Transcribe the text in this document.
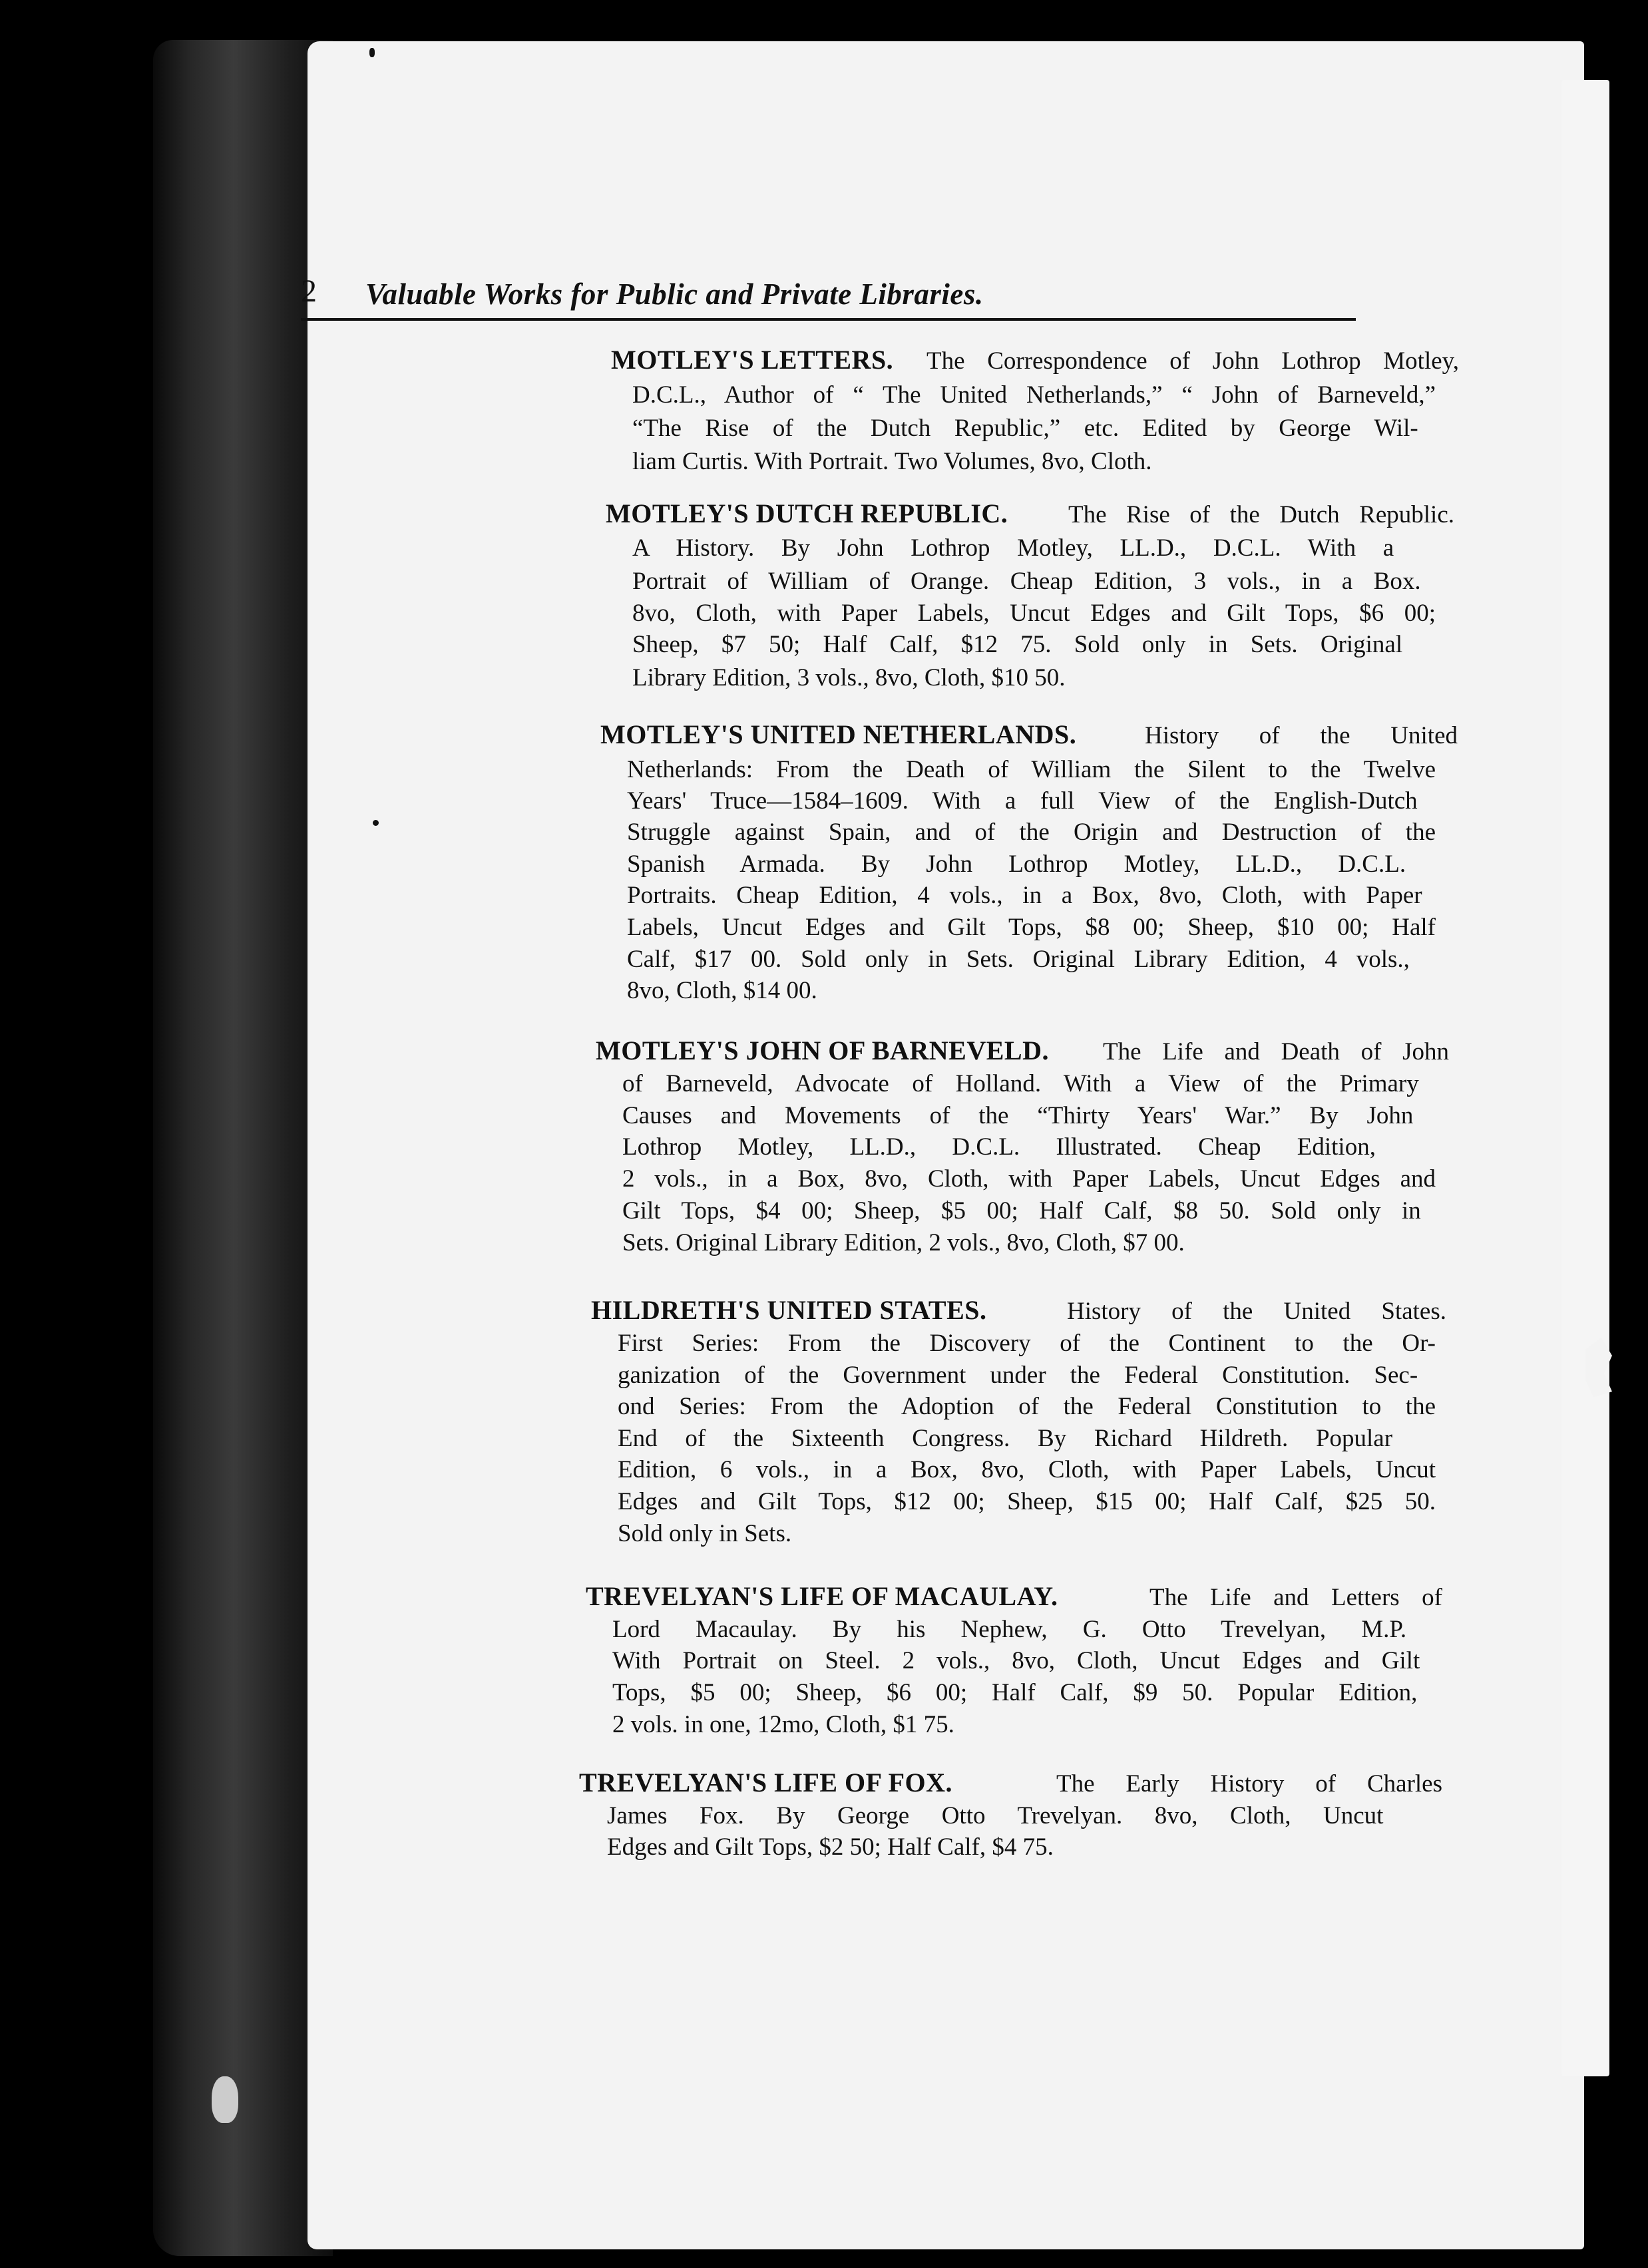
2 Valuable Works for Public and Private Libraries.
MOTLEY'S LETTERS. The Correspondence of John Lothrop Motley,
D.C.L., Author of “ The United Netherlands,” “ John of Barneveld,”
“The Rise of the Dutch Republic,” etc. Edited by George Wil-
liam Curtis. With Portrait. Two Volumes, 8vo, Cloth.
MOTLEY'S DUTCH REPUBLIC. The Rise of the Dutch Republic.
A History. By John Lothrop Motley, LL.D., D.C.L. With a
Portrait of William of Orange. Cheap Edition, 3 vols., in a Box.
8vo, Cloth, with Paper Labels, Uncut Edges and Gilt Tops, $6 00;
Sheep, $7 50; Half Calf, $12 75. Sold only in Sets. Original
Library Edition, 3 vols., 8vo, Cloth, $10 50.
MOTLEY'S UNITED NETHERLANDS.	History of the United
Netherlands: From the Death of William the Silent to the Twelve
Years' Truce—1584–1609. With a full View of the English-Dutch
Struggle against Spain, and of the Origin and Destruction of the
Spanish Armada. By John Lothrop Motley, LL.D., D.C.L.
Portraits. Cheap Edition, 4 vols., in a Box, 8vo, Cloth, with Paper
Labels, Uncut Edges and Gilt Tops, $8 00; Sheep, $10 00; Half
Calf, $17 00. Sold only in Sets. Original Library Edition, 4 vols.,
8vo, Cloth, $14 00.
MOTLEY'S JOHN OF BARNEVELD. The Life and Death of John
of Barneveld, Advocate of Holland. With a View of the Primary
Causes and Movements of the “Thirty Years' War.” By John
Lothrop Motley, LL.D., D.C.L. Illustrated. Cheap Edition,
2 vols., in a Box, 8vo, Cloth, with Paper Labels, Uncut Edges and
Gilt Tops, $4 00; Sheep, $5 00; Half Calf, $8 50. Sold only in
Sets. Original Library Edition, 2 vols., 8vo, Cloth, $7 00.
HILDRETH'S UNITED STATES.	History of the United States.
First Series: From the Discovery of the Continent to the Or-
ganization of the Government under the Federal Constitution. Sec-
ond Series: From the Adoption of the Federal Constitution to the
End of the Sixteenth Congress. By Richard Hildreth. Popular
Edition, 6 vols., in a Box, 8vo, Cloth, with Paper Labels, Uncut
Edges and Gilt Tops, $12 00; Sheep, $15 00; Half Calf, $25 50.
Sold only in Sets.
TREVELYAN'S LIFE OF MACAULAY.	The Life and Letters of
Lord Macaulay. By his Nephew, G. Otto Trevelyan, M.P.
With Portrait on Steel. 2 vols., 8vo, Cloth, Uncut Edges and Gilt
Tops, $5 00; Sheep, $6 00; Half Calf, $9 50. Popular Edition,
2 vols. in one, 12mo, Cloth, $1 75.
TREVELYAN'S LIFE OF FOX.	The Early History of Charles
James Fox. By George Otto Trevelyan. 8vo, Cloth, Uncut
Edges and Gilt Tops, $2 50; Half Calf, $4 75.
